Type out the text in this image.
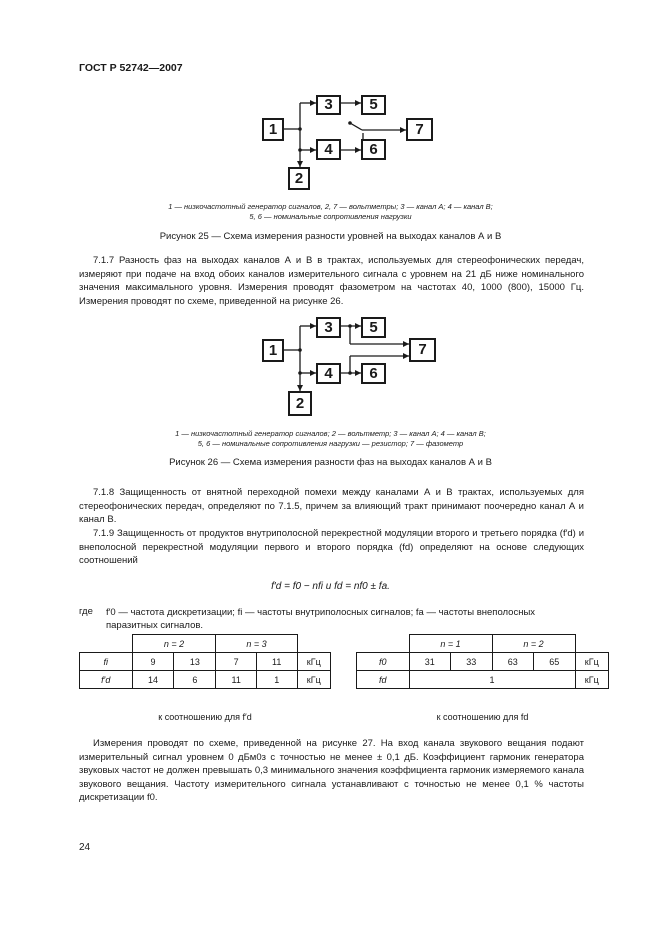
ГОСТ Р 52742—2007
1
2
3
4
5
6
7
1 — низкочастотный генератор сигналов, 2, 7 — вольтметры; 3 — канал А; 4 — канал В;
5, 6 — номинальные сопротивления нагрузки
Рисунок 25 — Схема измерения разности уровней на выходах каналов А и В
7.1.7 Разность фаз на выходах каналов А и В в трактах, используемых для стереофонических передач, измеряют при подаче на вход обоих каналов измерительного сигнала с уровнем на 21 дБ ниже номинального значения максимального уровня. Измерения проводят фазометром на частотах 40, 1000 (800), 15000 Гц. Измерения проводят по схеме, приведенной на рисунке 26.
1
2
3
4
5
6
7
1 — низкочастотный генератор сигналов; 2 — вольтметр; 3 — канал А; 4 — канал В;
5, 6 — номинальные сопротивления нагрузки — резистор; 7 — фазометр
Рисунок 26 — Схема измерения разности фаз на выходах каналов А и В
7.1.8 Защищенность от внятной переходной помехи между каналами А и В трактах, используемых для стереофонических передач, определяют по 7.1.5, причем за влияющий тракт принимают поочередно канал А и канал В.
7.1.9 Защищенность от продуктов внутриполосной перекрестной модуляции второго и третьего порядка (f′d) и внеполосной перекрестной модуляции первого и второго порядка (fd) определяют на основе следующих соотношений
f′d = f0 − nfi и fd = nf0 ± fa.
где f′0 — частота дискретизации; fi — частоты внутриполосных сигналов; fa — частоты внеполосных паразитных сигналов.
	n = 2		n = 3		
fi	9	13	7	11	кГц
f′d	14	6	11	1	кГц
	n = 1		n = 2		
f0	31	33	63	65	кГц
fd	1				кГц
к соотношению для f′d	к соотношению для fd
Измерения проводят по схеме, приведенной на рисунке 27. На вход канала звукового вещания подают измерительный сигнал уровнем 0 дБм0з с точностью не менее ± 0,1 дБ. Коэффициент гармоник генератора звуковых частот не должен превышать 0,3 минимального значения коэффициента гармоник измеряемого канала звукового вещания. Частоту измерительного сигнала устанавливают с точностью не менее 0,1 % частоты дискретизации f0.
24
